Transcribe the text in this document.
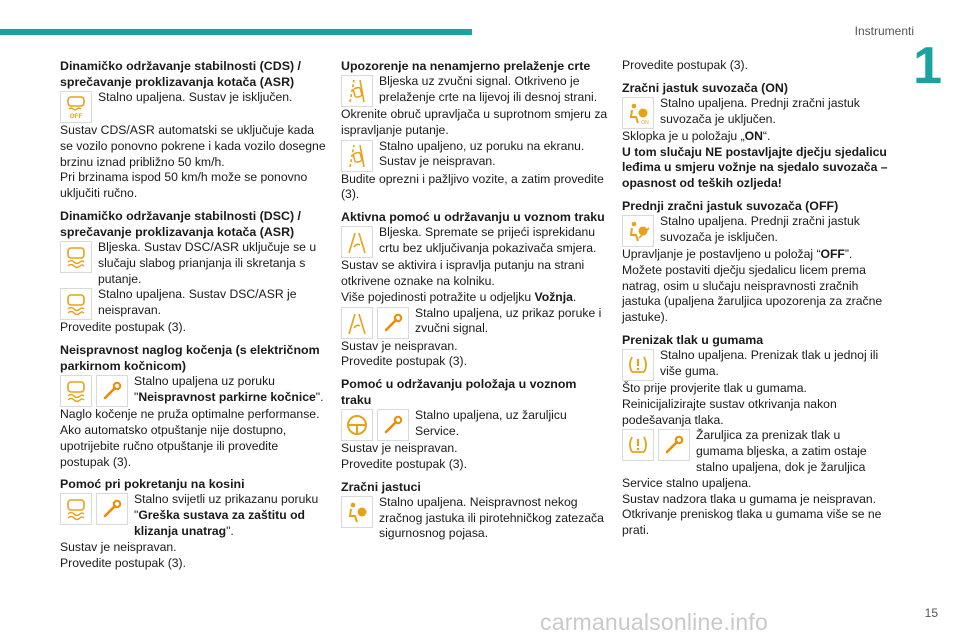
Instrumenti
1
Dinamičko održavanje stabilnosti (CDS) / sprečavanje proklizavanja kotača (ASR)
OFF
Stalno upaljena. Sustav je isključen.
Sustav CDS/ASR automatski se uključuje kada se vozilo ponovno pokrene i kada vozilo dosegne brzinu iznad približno 50 km/h.
Pri brzinama ispod 50 km/h može se ponovno uključiti ručno.
Dinamičko održavanje stabilnosti (DSC) / sprečavanje proklizavanja kotača (ASR)
Bljeska. Sustav DSC/ASR uključuje se u slučaju slabog prianjanja ili skretanja s putanje.
Stalno upaljena. Sustav DSC/ASR je neispravan.
Provedite postupak (3).
Neispravnost naglog kočenja (s električnom parkirnom kočnicom)
Stalno upaljena uz poruku "Neispravnost parkirne kočnice".
Naglo kočenje ne pruža optimalne performanse.
Ako automatsko otpuštanje nije dostupno, upotrijebite ručno otpuštanje ili provedite postupak (3).
Pomoć pri pokretanju na kosini
Stalno svijetli uz prikazanu poruku "Greška sustava za zaštitu od klizanja unatrag".
Sustav je neispravan.
Provedite postupak (3).
Upozorenje na nenamjerno prelaženje crte
Bljeska uz zvučni signal. Otkriveno je prelaženje crte na lijevoj ili desnoj strani.
Okrenite obruč upravljača u suprotnom smjeru za ispravljanje putanje.
Stalno upaljeno, uz poruku na ekranu. Sustav je neispravan.
Budite oprezni i pažljivo vozite, a zatim provedite (3).
Aktivna pomoć u održavanju u voznom traku
Bljeska. Spremate se prijeći isprekidanu crtu bez uključivanja pokazivača smjera.
Sustav se aktivira i ispravlja putanju na strani otkrivene oznake na kolniku.
Više pojedinosti potražite u odjeljku Vožnja.
Stalno upaljena, uz prikaz poruke i zvučni signal.
Sustav je neispravan.
Provedite postupak (3).
Pomoć u održavanju položaja u voznom traku
Stalno upaljena, uz žaruljicu Service.
Sustav je neispravan.
Provedite postupak (3).
Zračni jastuci
Stalno upaljena. Neispravnost nekog zračnog jastuka ili pirotehničkog zatezača sigurnosnog pojasa.
Provedite postupak (3).
Zračni jastuk suvozača (ON)
ON
Stalno upaljena. Prednji zračni jastuk suvozača je uključen.
Sklopka je u položaju „ON“.
U tom slučaju NE postavljajte dječju sjedalicu leđima u smjeru vožnje na sjedalo suvozača – opasnost od teških ozljeda!
Prednji zračni jastuk suvozača (OFF)
Stalno upaljena. Prednji zračni jastuk suvozača je isključen.
Upravljanje je postavljeno u položaj “OFF”.
Možete postaviti dječju sjedalicu licem prema natrag, osim u slučaju neispravnosti zračnih jastuka (upaljena žaruljica upozorenja za zračne jastuke).
Prenizak tlak u gumama
Stalno upaljena. Prenizak tlak u jednoj ili više guma.
Što prije provjerite tlak u gumama.
Reinicijalizirajte sustav otkrivanja nakon podešavanja tlaka.
Žaruljica za prenizak tlak u gumama bljeska, a zatim ostaje stalno upaljena, dok je žaruljica Service stalno upaljena.
Sustav nadzora tlaka u gumama je neispravan.
Otkrivanje preniskog tlaka u gumama više se ne prati.
carmanualsonline.info	15
